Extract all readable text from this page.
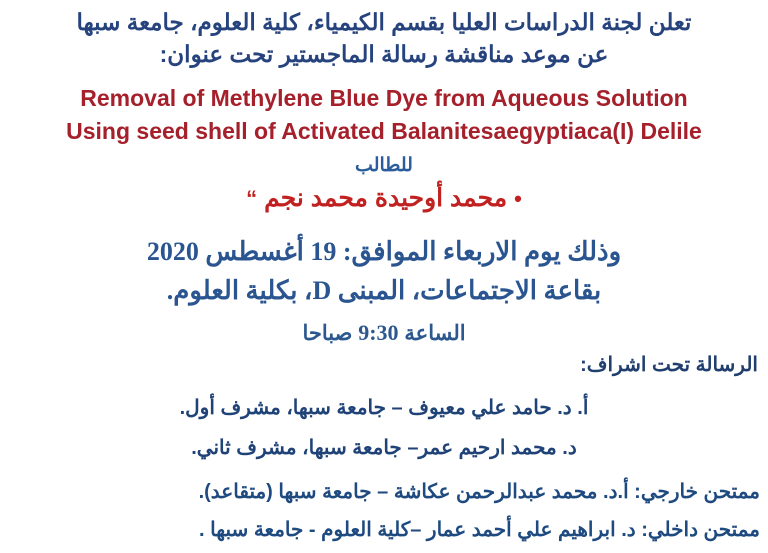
تعلن لجنة الدراسات العليا بقسم الكيمياء، كلية العلوم، جامعة سبها
عن موعد مناقشة رسالة الماجستير تحت عنوان:
Removal of Methylene Blue Dye from Aqueous Solution
Using seed shell of Activated Balanitesaegyptiaca(I) Delile
للطالب
• محمد أوحيدة محمد نجم “
وذلك يوم الاربعاء الموافق: 19 أغسطس 2020
بقاعة الاجتماعات، المبنى D، بكلية العلوم.
الساعة 9:30 صباحا
الرسالة تحت اشراف:
أ. د. حامد علي معيوف – جامعة سبها، مشرف أول.
د. محمد ارحيم عمر– جامعة سبها، مشرف ثاني.
ممتحن خارجي: أ.د. محمد عبدالرحمن عكاشة – جامعة سبها (متقاعد).
ممتحن داخلي: د. ابراهيم علي أحمد عمار –كلية العلوم - جامعة سبها .
